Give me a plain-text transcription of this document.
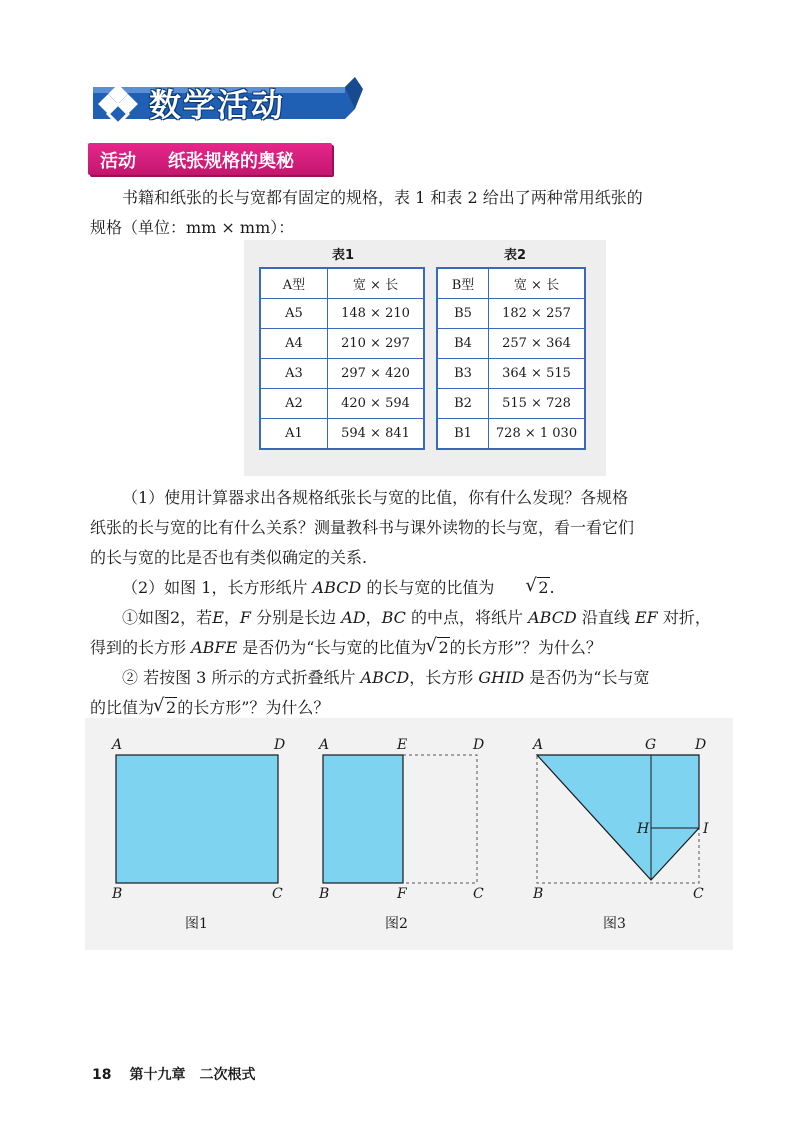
数学活动
活动 纸张规格的奥秘

书籍和纸张的长与宽都有固定的规格，表 1 和表 2 给出了两种常用纸张的

规格（单位：mm × mm）：

表1
A型	宽 × 长
A5	148 × 210
A4	210 × 297
A3	297 × 420
A2	420 × 594
A1	594 × 841
表2
B型	宽 × 长
B5	182 × 257
B4	257 × 364
B3	364 × 515
B2	515 × 728
B1	728 × 1 030

（1）使用计算器求出各规格纸张长与宽的比值，你有什么发现？各规格

纸张的长与宽的比有什么关系？测量教科书与课外读物的长与宽，看一看它们

的长与宽的比是否也有类似确定的关系.

（2）如图 1，长方形纸片 ABCD 的长与宽的比值为	√ 2.

①如图2，若E，F 分别是长边 AD，BC 的中点，将纸片 ABCD 沿直线 EF 对折，

得到的长方形 ABFE 是否仍为“长与宽的比值为 √ 2的长方形”？为什么？

② 若按图 3 所示的方式折叠纸片 ABCD，长方形 GHID 是否仍为“长与宽

的比值为 √ 2的长方形”？为什么？

A	D
B	C
图1
A	E	D
B	F	C
图2
A	G	D
H	I
B	C
图3
18 第十九章　二次根式
